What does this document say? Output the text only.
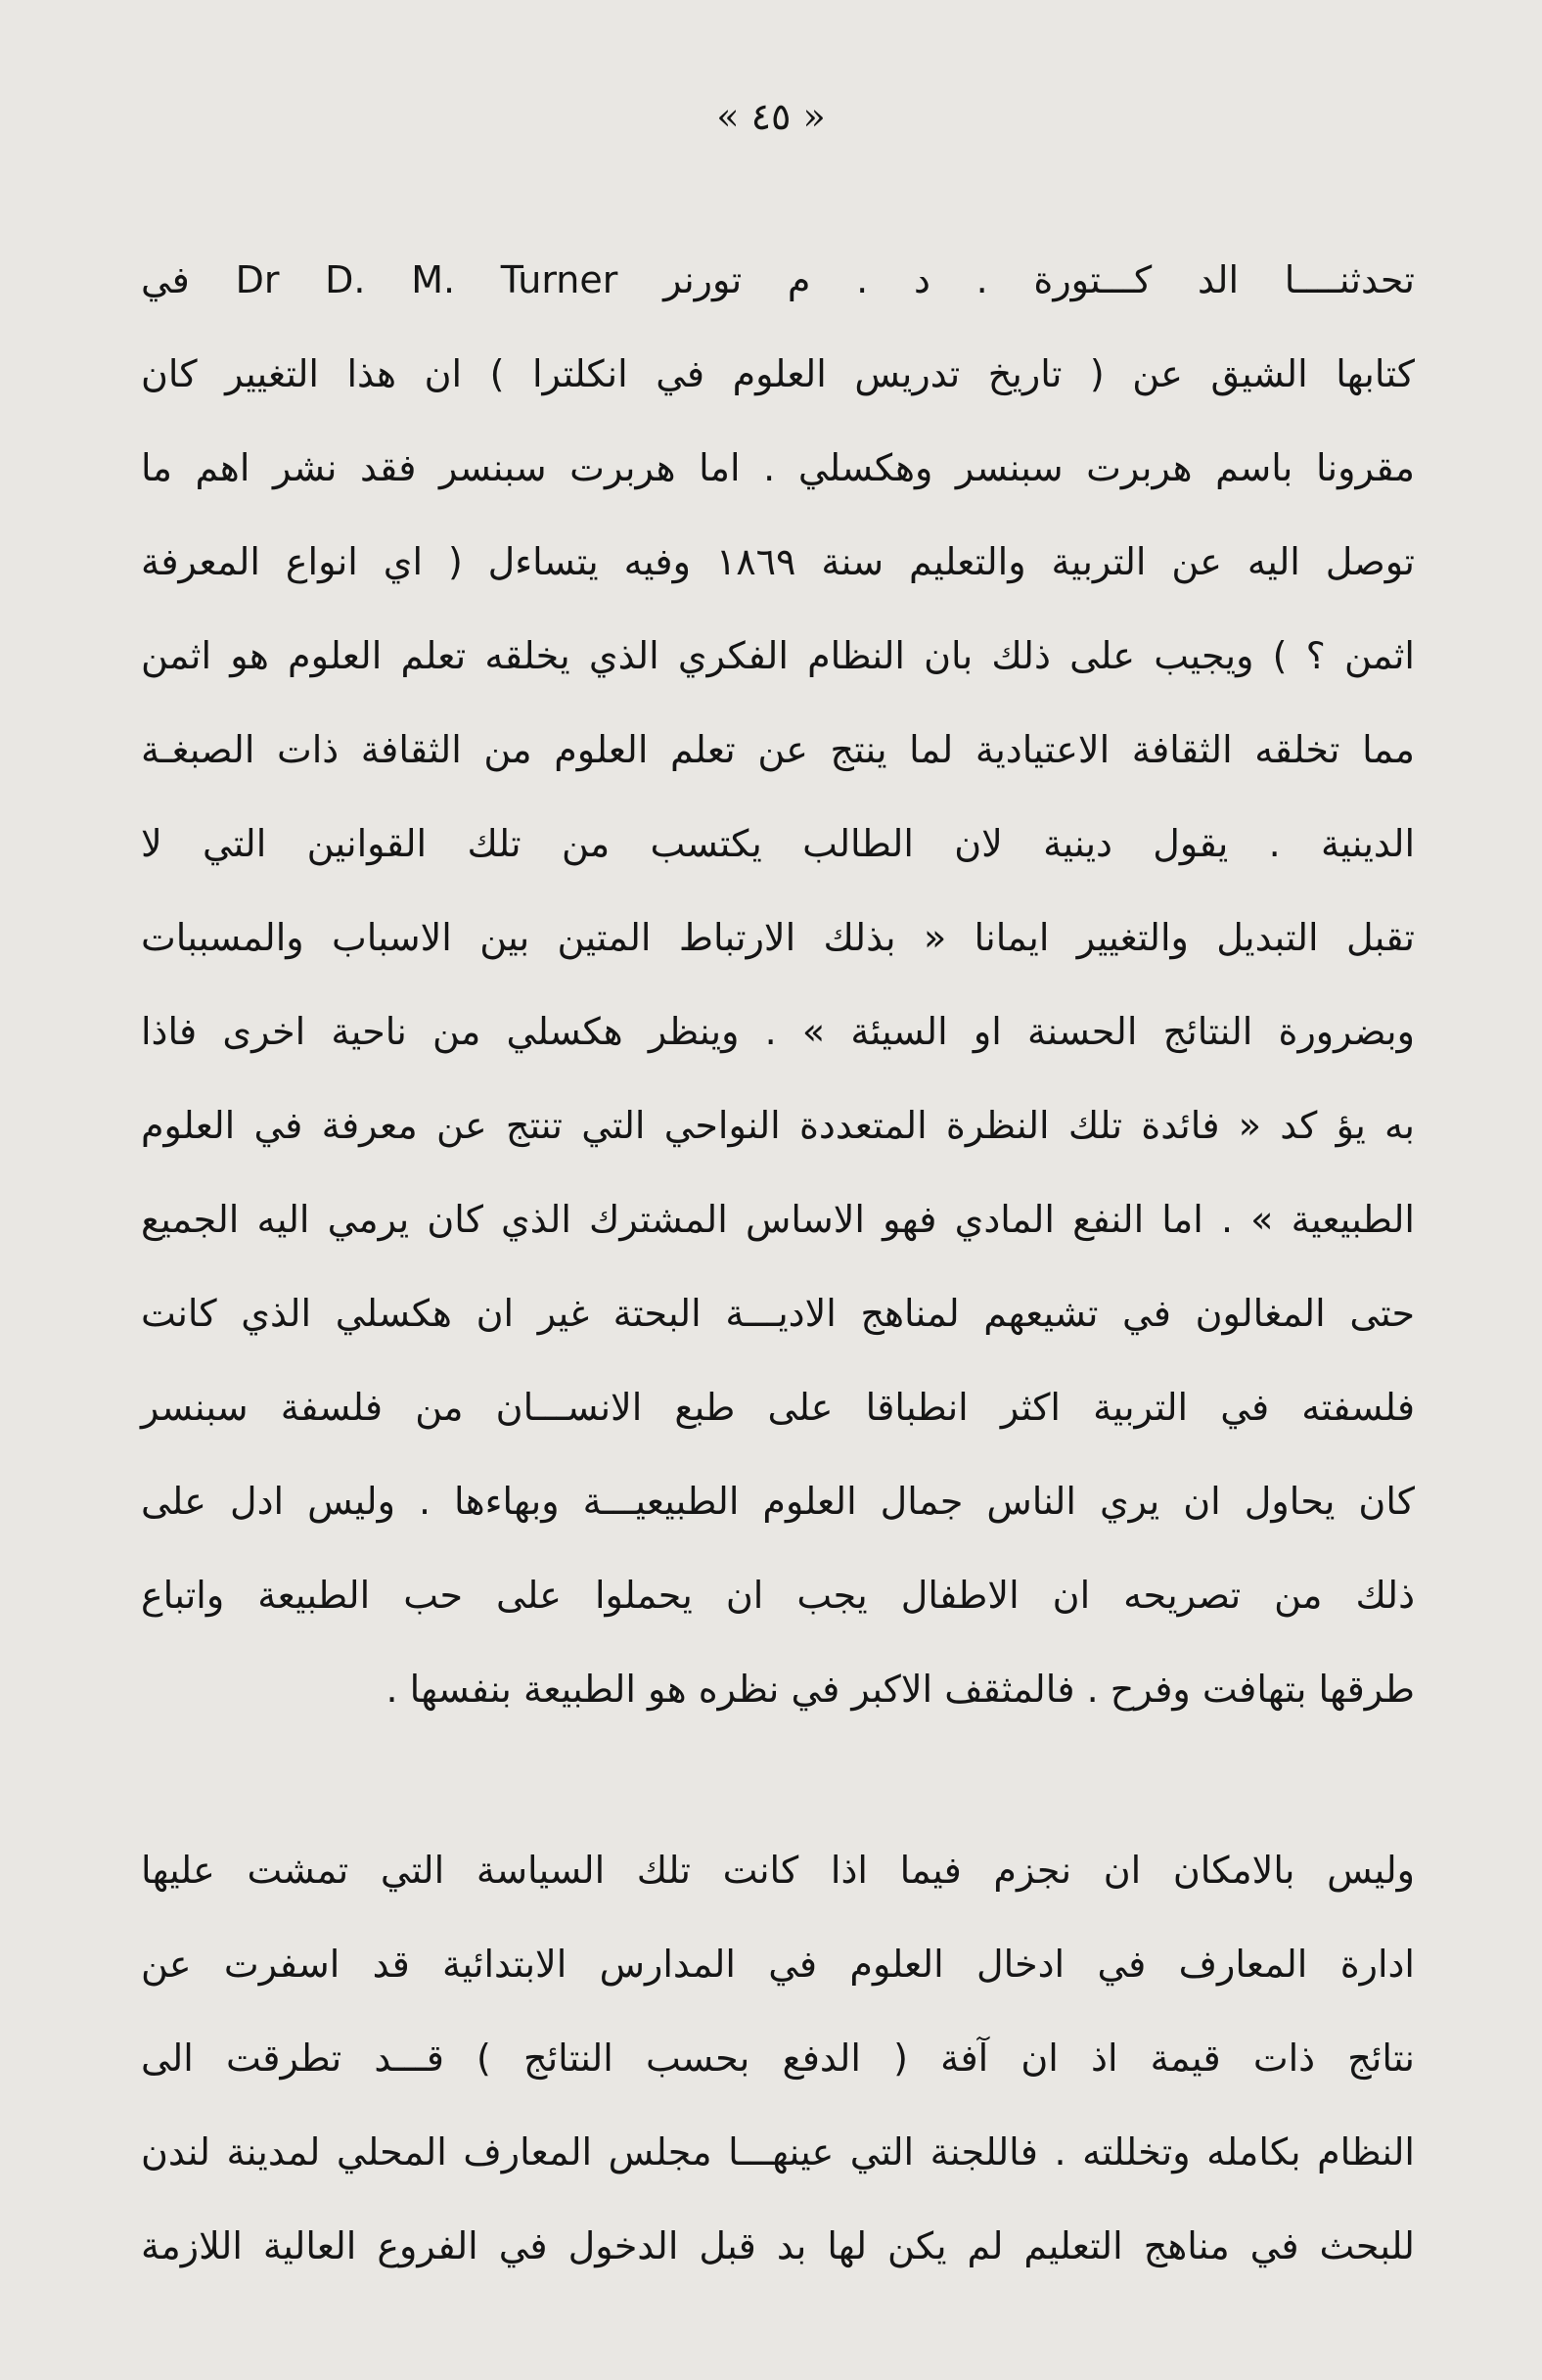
« ٤٥ »
تحدثنــــا الد كـــتورة . د . م تورنر Dr D. M. Turner في
كتابها الشيق عن ( تاريخ تدريس العلوم في انكلترا ) ان هذا التغيير كان
مقرونا باسم هربرت سبنسر وهكسلي . اما هربرت سبنسر فقد نشر اهم ما
توصل اليه عن التربية والتعليم سنة ١٨٦٩ وفيه يتساءل ( اي انواع المعرفة
اثمن ؟ ) ويجيب على ذلك بان النظام الفكري الذي يخلقه تعلم العلوم هو اثمن
مما تخلقه الثقافة الاعتيادية لما ينتج عن تعلم العلوم من الثقافة ذات الصبغـة
الدينية . يقول دينية لان الطالب يكتسب من تلك القوانين التي لا
تقبل التبديل والتغيير ايمانا « بذلك الارتباط المتين بين الاسباب والمسببات
وبضرورة النتائج الحسنة او السيئة » . وينظر هكسلي من ناحية اخرى فاذا
به يؤ كد « فائدة تلك النظرة المتعددة النواحي التي تنتج عن معرفة في العلوم
الطبيعية » . اما النفع المادي فهو الاساس المشترك الذي كان يرمي اليه الجميع
حتى المغالون في تشيعهم لمناهج الاديـــة البحتة غير ان هكسلي الذي كانت
فلسفته في التربية اكثر انطباقا على طبع الانســـان من فلسفة سبنسر
كان يحاول ان يري الناس جمال العلوم الطبيعيـــة وبهاءها . وليس ادل على
ذلك من تصريحه ان الاطفال يجب ان يحملوا على حب الطبيعة واتباع
طرقها بتهافت وفرح . فالمثقف الاكبر في نظره هو الطبيعة بنفسها .
وليس بالامكان ان نجزم فيما اذا كانت تلك السياسة التي تمشت عليها
ادارة المعارف في ادخال العلوم في المدارس الابتدائية قد اسفرت عن
نتائج ذات قيمة اذ ان آفة ( الدفع بحسب النتائج ) قـــد تطرقت الى
النظام بكامله وتخللته . فاللجنة التي عينهـــا مجلس المعارف المحلي لمدينة لندن
للبحث في مناهج التعليم لم يكن لها بد قبل الدخول في الفروع العالية اللازمة
